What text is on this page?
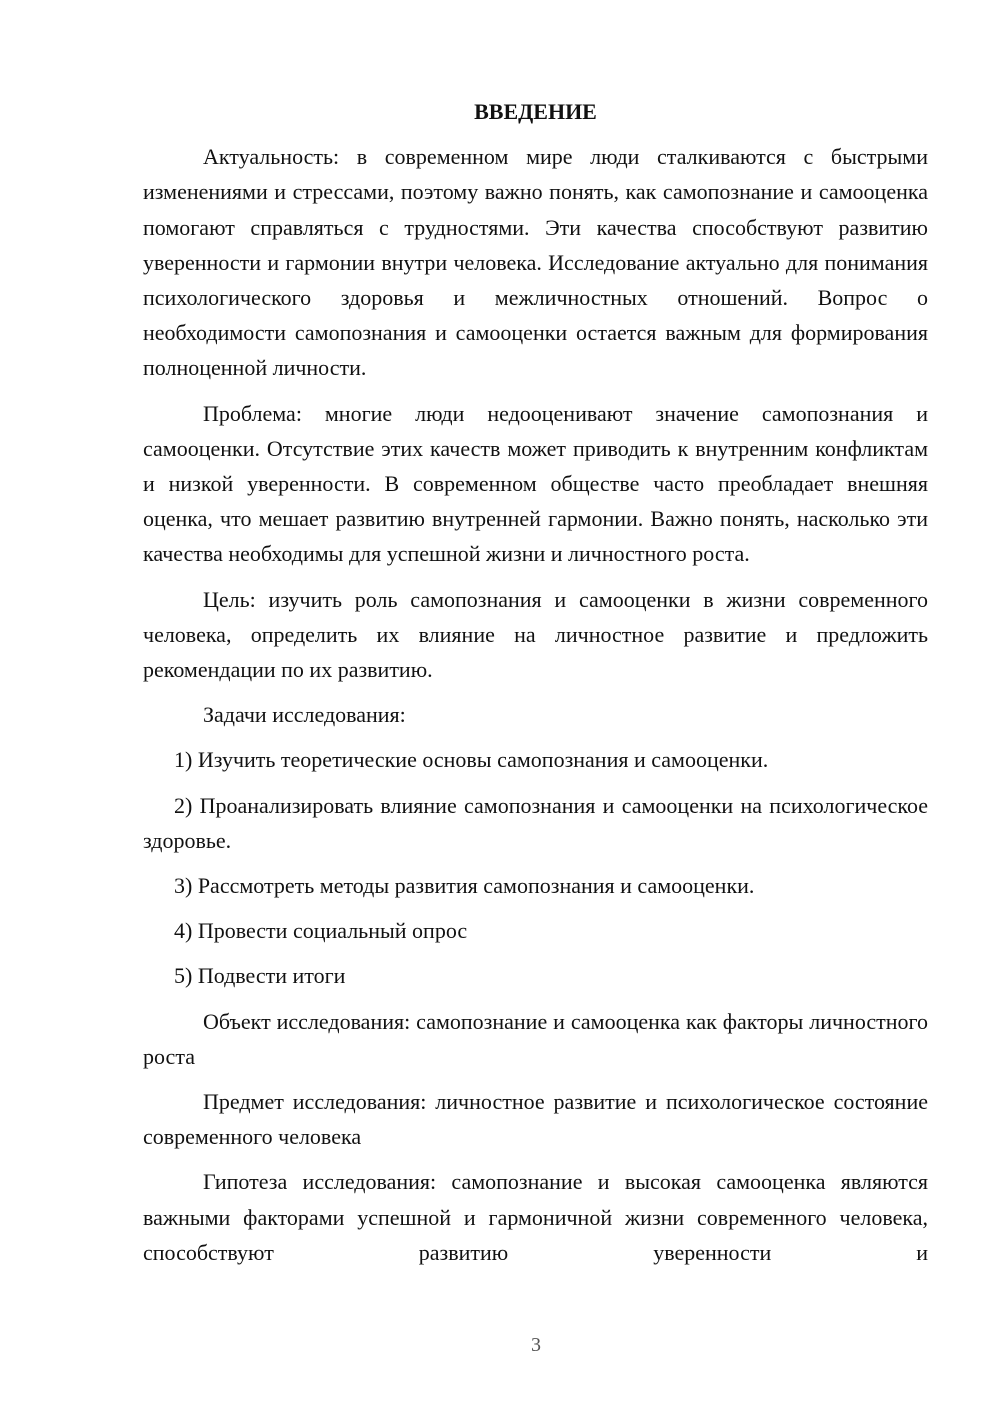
ВВЕДЕНИЕ

Актуальность: в современном мире люди сталкиваются с быстрыми изменениями и стрессами, поэтому важно понять, как самопознание и самооценка помогают справляться с трудностями. Эти качества способствуют развитию уверенности и гармонии внутри человека. Исследование актуально для понимания психологического здоровья и межличностных отношений. Вопрос о необходимости самопознания и самооценки остается важным для формирования полноценной личности.

Проблема: многие люди недооценивают значение самопознания и самооценки. Отсутствие этих качеств может приводить к внутренним конфликтам и низкой уверенности. В современном обществе часто преобладает внешняя оценка, что мешает развитию внутренней гармонии. Важно понять, насколько эти качества необходимы для успешной жизни и личностного роста.

Цель: изучить роль самопознания и самооценки в жизни современного человека, определить их влияние на личностное развитие и предложить рекомендации по их развитию.

Задачи исследования:

1) Изучить теоретические основы самопознания и самооценки.

2) Проанализировать влияние самопознания и самооценки на психологическое здоровье.

3) Рассмотреть методы развития самопознания и самооценки.

4) Провести социальный опрос

5) Подвести итоги

Объект исследования: самопознание и самооценка как факторы личностного роста

Предмет исследования: личностное развитие и психологическое состояние современного человека

Гипотеза исследования: самопознание и высокая самооценка являются важными факторами успешной и гармоничной жизни современного человека, способствуют развитию уверенности и

3
